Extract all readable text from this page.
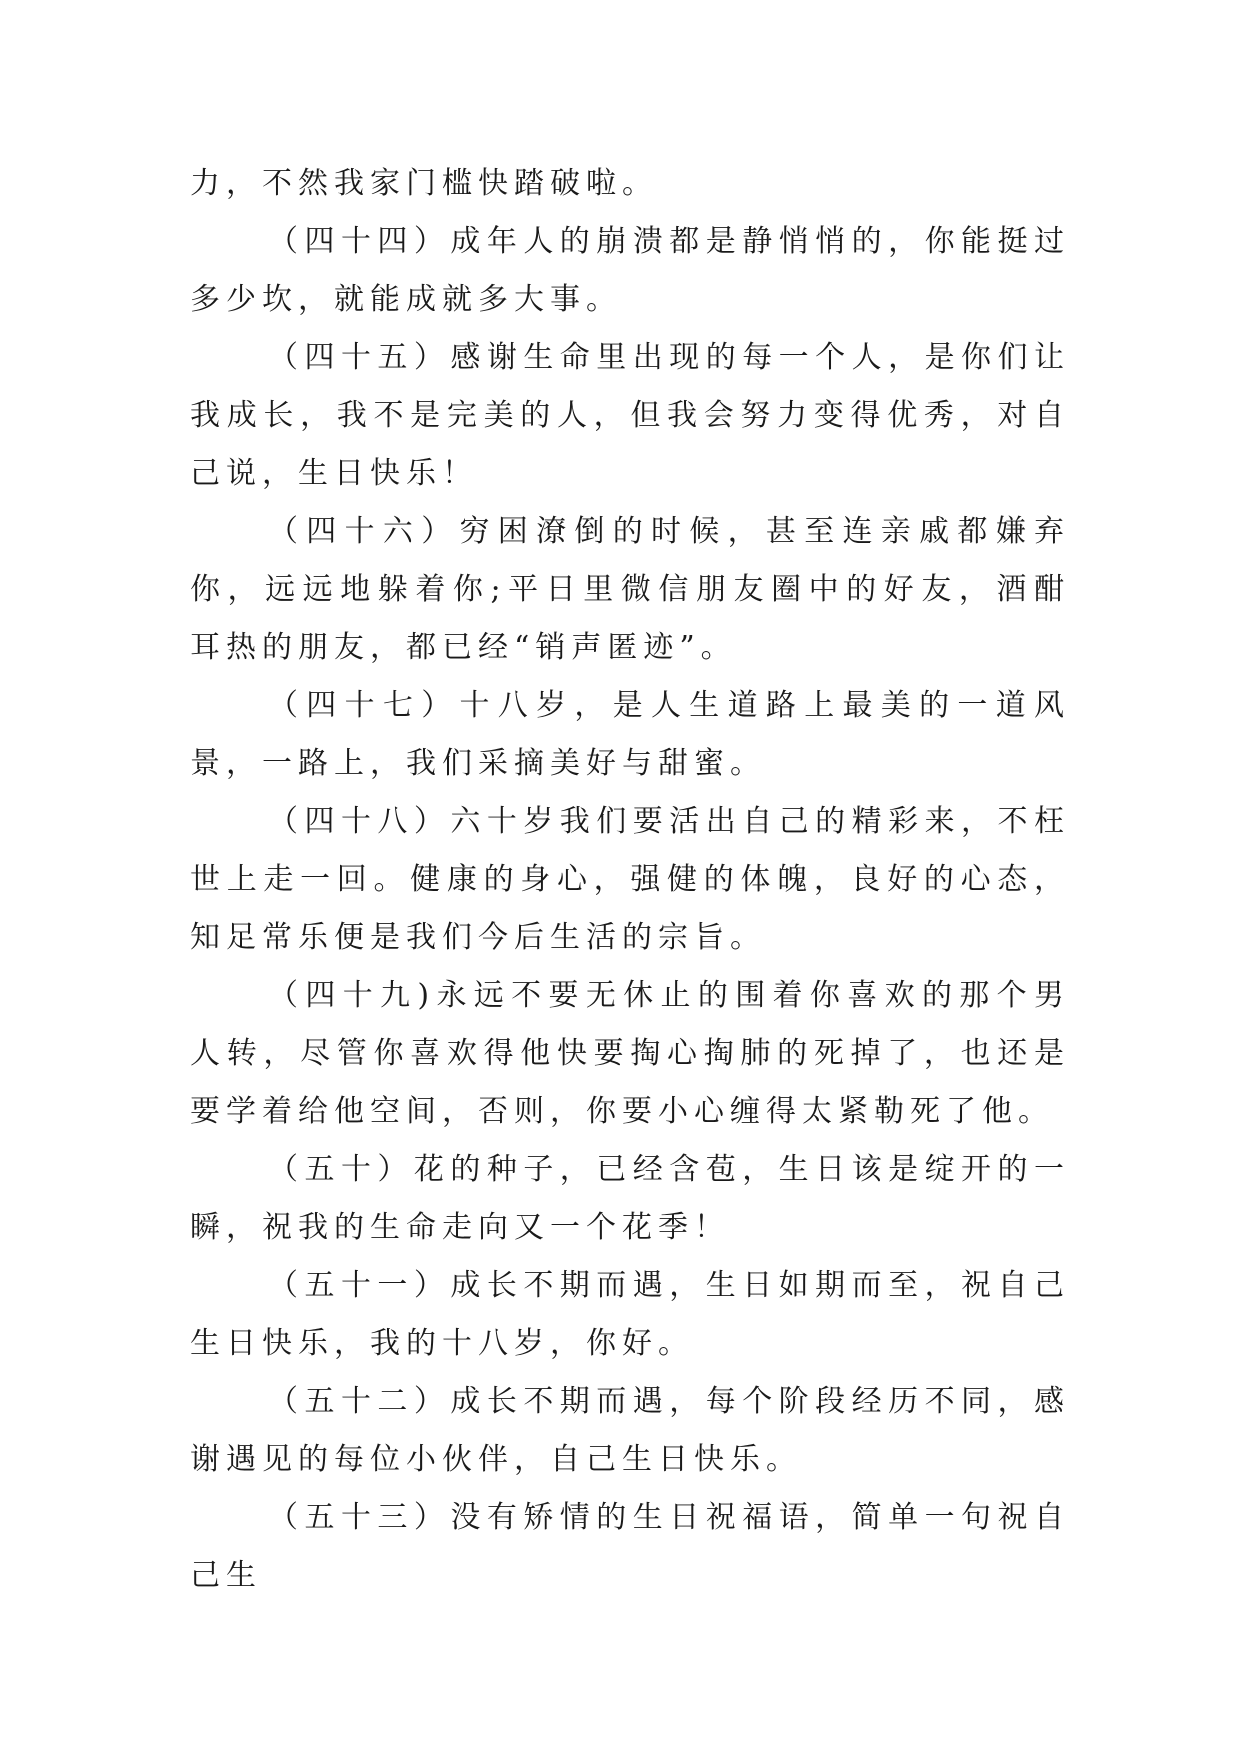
力，不然我家门槛快踏破啦。

（四十四）成年人的崩溃都是静悄悄的，你能挺过多少坎，就能成就多大事。

（四十五）感谢生命里出现的每一个人，是你们让我成长，我不是完美的人，但我会努力变得优秀，对自己说，生日快乐！

（四十六）穷困潦倒的时候，甚至连亲戚都嫌弃你，远远地躲着你;平日里微信朋友圈中的好友，酒酣耳热的朋友，都已经“销声匿迹”。

（四十七）十八岁，是人生道路上最美的一道风景，一路上，我们采摘美好与甜蜜。

（四十八）六十岁我们要活出自己的精彩来，不枉世上走一回。健康的身心，强健的体魄，良好的心态，知足常乐便是我们今后生活的宗旨。

（四十九)永远不要无休止的围着你喜欢的那个男人转，尽管你喜欢得他快要掏心掏肺的死掉了，也还是要学着给他空间，否则，你要小心缠得太紧勒死了他。

（五十）花的种子，已经含苞，生日该是绽开的一瞬，祝我的生命走向又一个花季！

（五十一）成长不期而遇，生日如期而至，祝自己生日快乐，我的十八岁，你好。

（五十二）成长不期而遇，每个阶段经历不同，感谢遇见的每位小伙伴，自己生日快乐。

（五十三）没有矫情的生日祝福语，简单一句祝自己生
